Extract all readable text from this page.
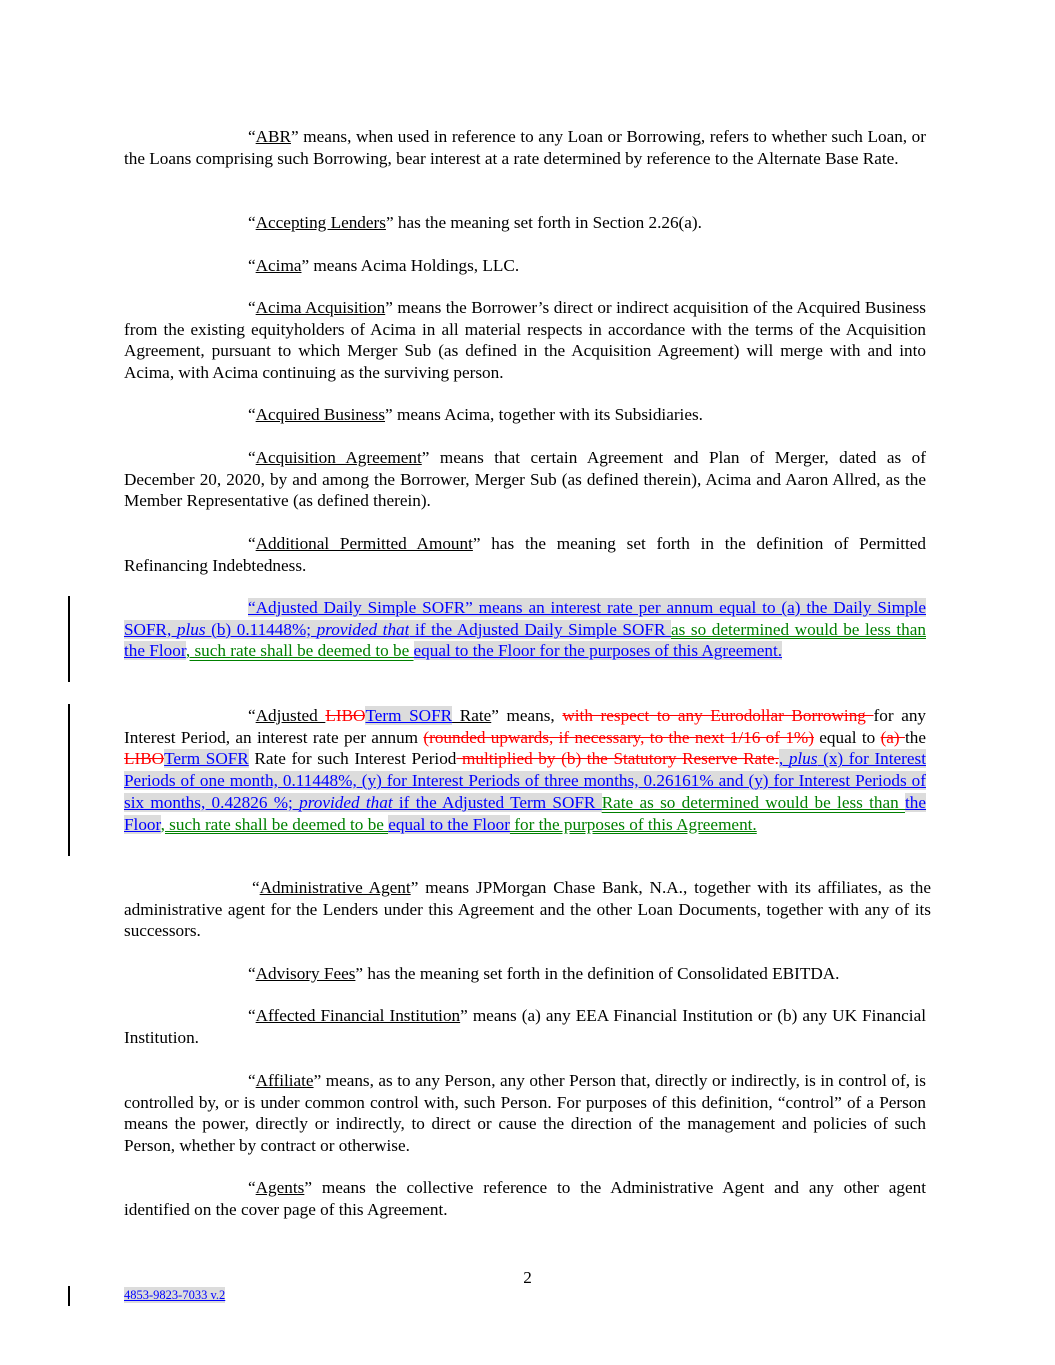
“ABR” means, when used in reference to any Loan or Borrowing, refers to whether such Loan, or the Loans comprising such Borrowing, bear interest at a rate determined by reference to the Alternate Base Rate.

“Accepting Lenders” has the meaning set forth in Section 2.26(a).

“Acima” means Acima Holdings, LLC.

“Acima Acquisition” means the Borrower’s direct or indirect acquisition of the Acquired Business from the existing equityholders of Acima in all material respects in accordance with the terms of the Acquisition Agreement, pursuant to which Merger Sub (as defined in the Acquisition Agreement) will merge with and into Acima, with Acima continuing as the surviving person.

“Acquired Business” means Acima, together with its Subsidiaries.

“Acquisition Agreement” means that certain Agreement and Plan of Merger, dated as of December 20, 2020, by and among the Borrower, Merger Sub (as defined therein), Acima and Aaron Allred, as the Member Representative (as defined therein).

“Additional Permitted Amount” has the meaning set forth in the definition of Permitted Refinancing Indebtedness.

“Adjusted Daily Simple SOFR” means an interest rate per annum equal to (a) the Daily Simple SOFR, plus (b) 0.11448%; provided that if the Adjusted Daily Simple SOFR as so determined would be less than the Floor, such rate shall be deemed to be equal to the Floor for the purposes of this Agreement.

“Adjusted LIBOTerm SOFR Rate” means, with respect to any Eurodollar Borrowing for any Interest Period, an interest rate per annum (rounded upwards, if necessary, to the next 1/16 of 1%) equal to (a) the LIBOTerm SOFR Rate for such Interest Period multiplied by (b) the Statutory Reserve Rate., plus (x) for Interest Periods of one month, 0.11448%, (y) for Interest Periods of three months, 0.26161% and (y) for Interest Periods of six months, 0.42826 %; provided that if the Adjusted Term SOFR Rate as so determined would be less than the Floor, such rate shall be deemed to be equal to the Floor for the purposes of this Agreement.

“Administrative Agent” means JPMorgan Chase Bank, N.A., together with its affiliates, as the administrative agent for the Lenders under this Agreement and the other Loan Documents, together with any of its successors.

“Advisory Fees” has the meaning set forth in the definition of Consolidated EBITDA.

“Affected Financial Institution” means (a) any EEA Financial Institution or (b) any UK Financial Institution.

“Affiliate” means, as to any Person, any other Person that, directly or indirectly, is in control of, is controlled by, or is under common control with, such Person. For purposes of this definition, “control” of a Person means the power, directly or indirectly, to direct or cause the direction of the management and policies of such Person, whether by contract or otherwise.

“Agents” means the collective reference to the Administrative Agent and any other agent identified on the cover page of this Agreement.

2
4853-9823-7033 v.2
